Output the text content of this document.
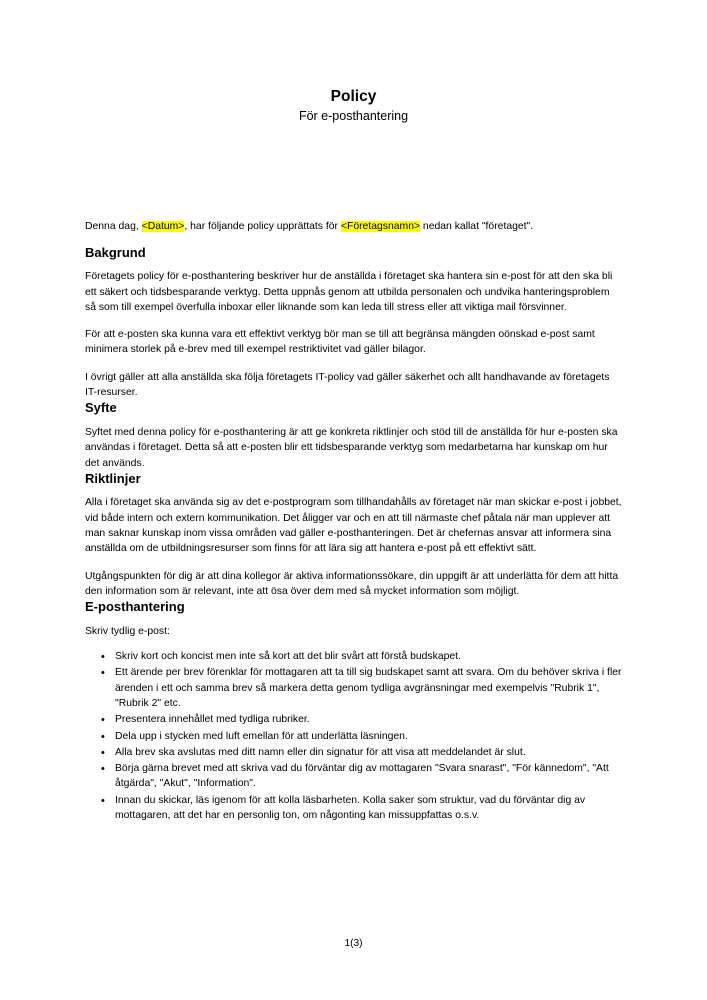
Policy
För e-posthantering

Denna dag, <Datum>, har följande policy upprättats för <Företagsnamn> nedan kallat "företaget".

Bakgrund

Företagets policy för e-posthantering beskriver hur de anställda i företaget ska hantera sin e-post för att den ska bli ett säkert och tidsbesparande verktyg. Detta uppnås genom att utbilda personalen och undvika hanteringsproblem så som till exempel överfulla inboxar eller liknande som kan leda till stress eller att viktiga mail försvinner.

För att e-posten ska kunna vara ett effektivt verktyg bör man se till att begränsa mängden oönskad e-post samt minimera storlek på e-brev med till exempel restriktivitet vad gäller bilagor.

I övrigt gäller att alla anställda ska följa företagets IT-policy vad gäller säkerhet och allt handhavande av företagets IT-resurser.

Syfte

Syftet med denna policy för e-posthantering är att ge konkreta riktlinjer och stöd till de anställda för hur e-posten ska användas i företaget. Detta så att e-posten blir ett tidsbesparande verktyg som medarbetarna har kunskap om hur det används.

Riktlinjer

Alla i företaget ska använda sig av det e-postprogram som tillhandahålls av företaget när man skickar e-post i jobbet, vid både intern och extern kommunikation. Det åligger var och en att till närmaste chef påtala när man upplever att man saknar kunskap inom vissa områden vad gäller e-posthanteringen. Det är chefernas ansvar att informera sina anställda om de utbildningsresurser som finns för att lära sig att hantera e-post på ett effektivt sätt.

Utgångspunkten för dig är att dina kollegor är aktiva informationssökare, din uppgift är att underlätta för dem att hitta den information som är relevant, inte att ösa över dem med så mycket information som möjligt.

E-posthantering

Skriv tydlig e-post:

• Skriv kort och koncist men inte så kort att det blir svårt att förstå budskapet.
• Ett ärende per brev förenklar för mottagaren att ta till sig budskapet samt att svara. Om du behöver skriva i fler ärenden i ett och samma brev så markera detta genom tydliga avgränsningar med exempelvis "Rubrik 1", "Rubrik 2" etc.
• Presentera innehållet med tydliga rubriker.
• Dela upp i stycken med luft emellan för att underlätta läsningen.
• Alla brev ska avslutas med ditt namn eller din signatur för att visa att meddelandet är slut.
• Börja gärna brevet med att skriva vad du förväntar dig av mottagaren "Svara snarast", "För kännedom", "Att åtgärda", "Akut", "Information".
• Innan du skickar, läs igenom för att kolla läsbarheten. Kolla saker som struktur, vad du förväntar dig av mottagaren, att det har en personlig ton, om någonting kan missuppfattas o.s.v.
1(3)
